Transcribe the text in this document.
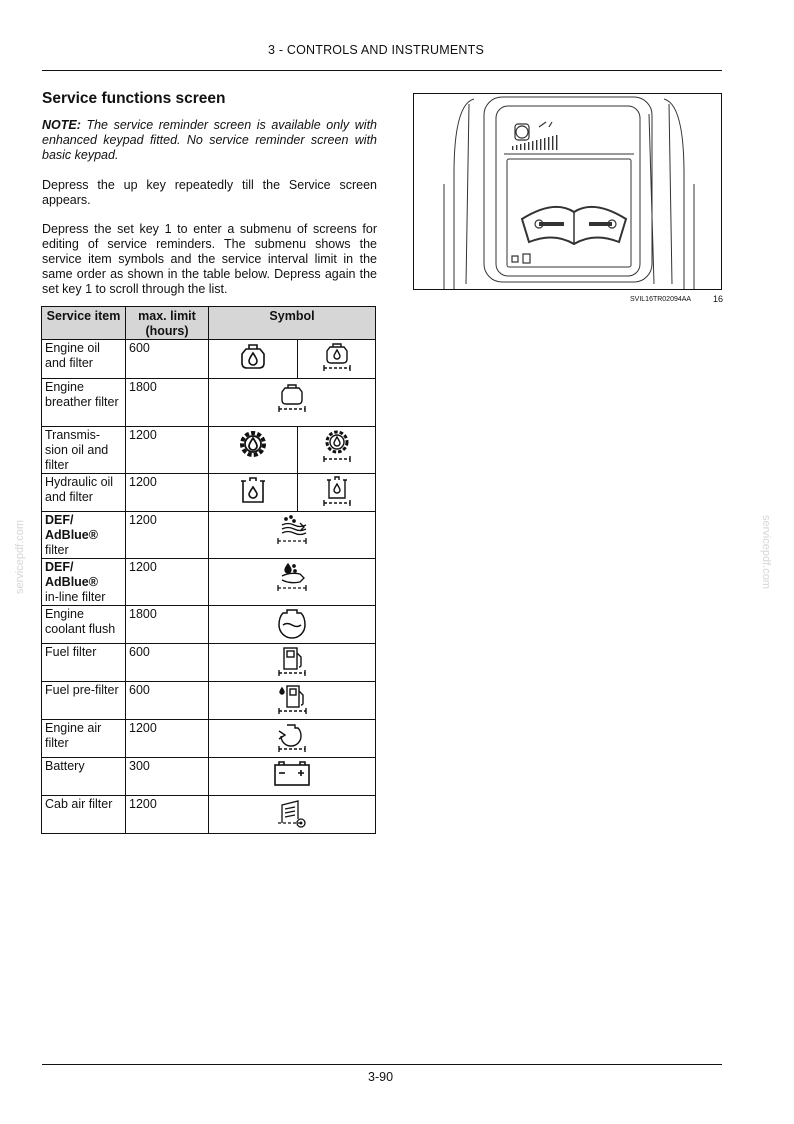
3 - CONTROLS AND INSTRUMENTS
Service functions screen

NOTE: The service reminder screen is available only with enhanced keypad fitted. No service reminder screen with basic keypad.

Depress the up key repeatedly till the Service screen appears.

Depress the set key 1 to enter a submenu of screens for editing of service reminders. The submenu shows the service item symbols and the service interval limit in the same order as shown in the table below. Depress again the set key 1 to scroll through the list.

SVIL16TR02094AA 16
Service item	max. limit (hours)	Symbol	
Engine oil and filter	600	

Engine breather filter	1800	

Transmis-sion oil and filter	1200	

Hydraulic oil and filter	1200	

DEF/ AdBlue®
filter	1200	

DEF/ AdBlue®
in-line filter	1200	

Engine coolant flush	1800	

Fuel filter	600	

Fuel pre-filter	600	

Engine air filter	1200	

Battery	300	

Cab air filter	1200	
servicepdf.com	servicepdf.com
3-90
